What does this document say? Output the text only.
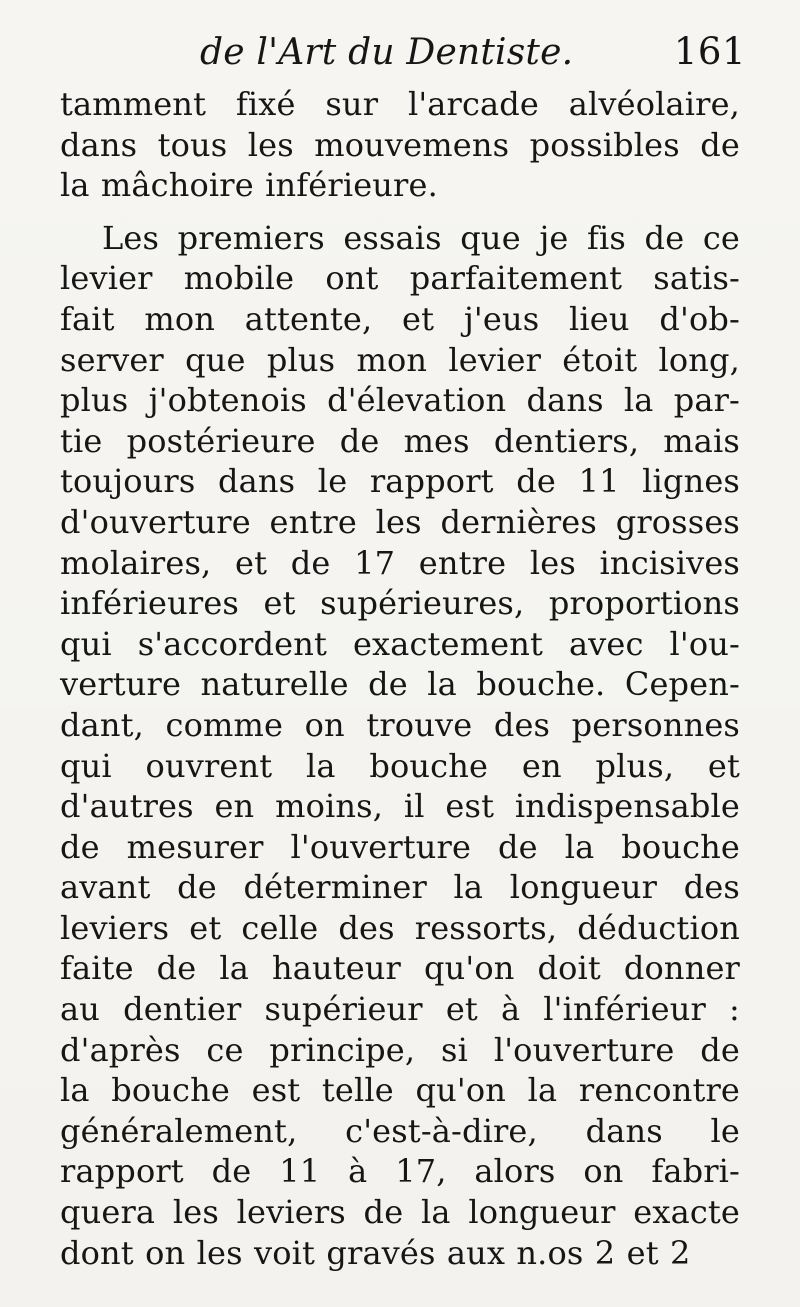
de l'Art du Dentiste.	161
tamment fixé sur l'arcade alvéolaire,
dans tous les mouvemens possibles de
la mâchoire inférieure.
Les premiers essais que je fis de ce
levier mobile ont parfaitement satis-
fait mon attente, et j'eus lieu d'ob-
server que plus mon levier étoit long,
plus j'obtenois d'élevation dans la par-
tie postérieure de mes dentiers, mais
toujours dans le rapport de 11 lignes
d'ouverture entre les dernières grosses
molaires, et de 17 entre les incisives
inférieures et supérieures, proportions
qui s'accordent exactement avec l'ou-
verture naturelle de la bouche. Cepen-
dant, comme on trouve des personnes
qui ouvrent la bouche en plus, et
d'autres en moins, il est indispensable
de mesurer l'ouverture de la bouche
avant de déterminer la longueur des
leviers et celle des ressorts, déduction
faite de la hauteur qu'on doit donner
au dentier supérieur et à l'inférieur :
d'après ce principe, si l'ouverture de
la bouche est telle qu'on la rencontre
généralement, c'est-à-dire, dans le
rapport de 11 à 17, alors on fabri-
quera les leviers de la longueur exacte
dont on les voit gravés aux n.os 2 et 2
